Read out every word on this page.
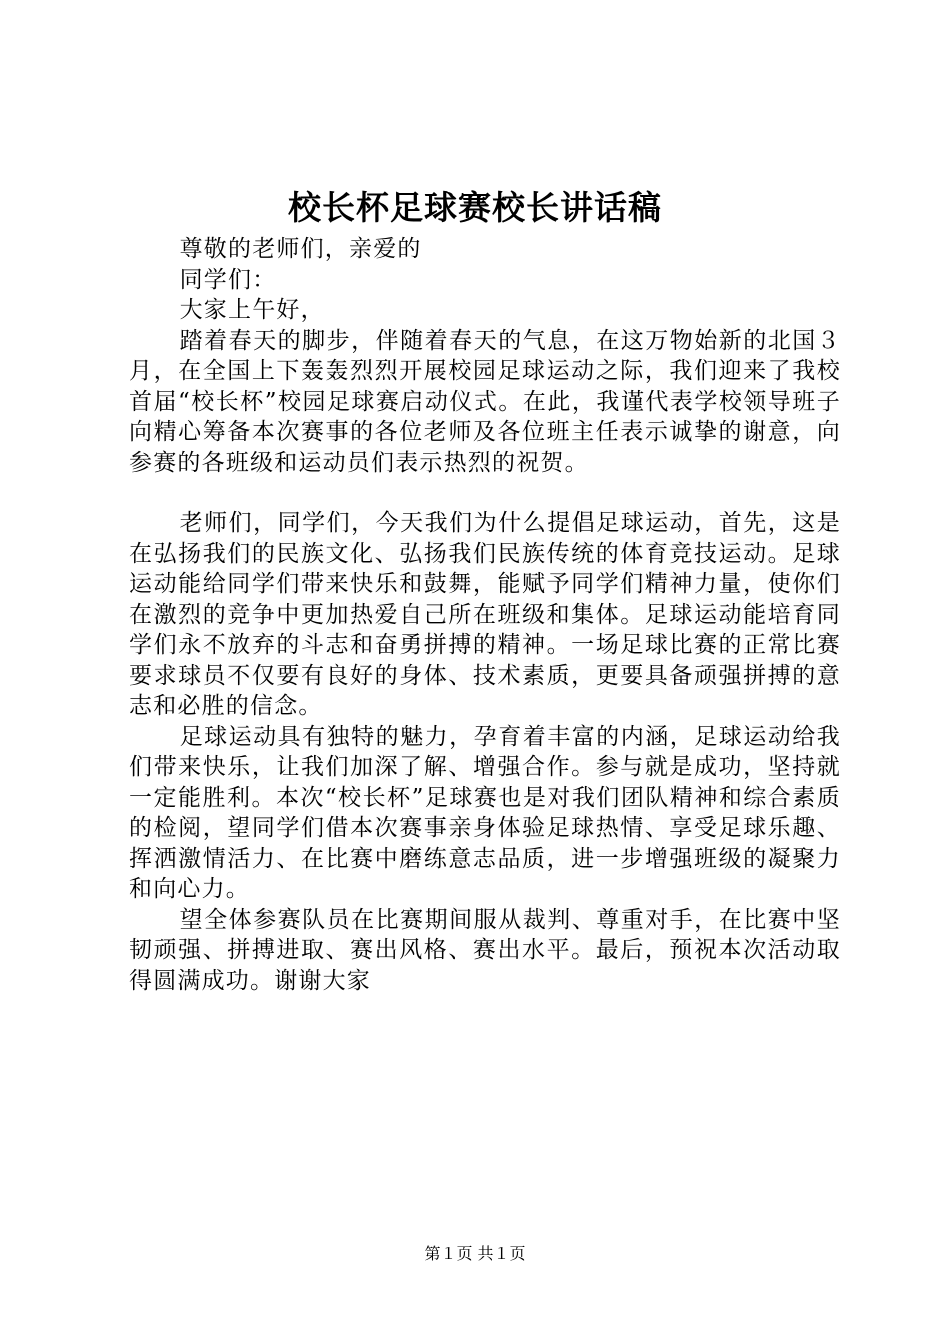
校长杯足球赛校长讲话稿

尊敬的老师们，亲爱的

同学们：

大家上午好，

踏着春天的脚步，伴随着春天的气息，在这万物始新的北国３月，在全国上下轰轰烈烈开展校园足球运动之际，我们迎来了我校首届“校长杯”校园足球赛启动仪式。在此，我谨代表学校领导班子向精心筹备本次赛事的各位老师及各位班主任表示诚挚的谢意，向参赛的各班级和运动员们表示热烈的祝贺。

老师们，同学们，今天我们为什么提倡足球运动，首先，这是在弘扬我们的民族文化、弘扬我们民族传统的体育竞技运动。足球运动能给同学们带来快乐和鼓舞，能赋予同学们精神力量，使你们在激烈的竞争中更加热爱自己所在班级和集体。足球运动能培育同学们永不放弃的斗志和奋勇拼搏的精神。一场足球比赛的正常比赛要求球员不仅要有良好的身体、技术素质，更要具备顽强拼搏的意志和必胜的信念。

足球运动具有独特的魅力，孕育着丰富的内涵，足球运动给我们带来快乐，让我们加深了解、增强合作。参与就是成功，坚持就一定能胜利。本次“校长杯”足球赛也是对我们团队精神和综合素质的检阅，望同学们借本次赛事亲身体验足球热情、享受足球乐趣、挥洒激情活力、在比赛中磨练意志品质，进一步增强班级的凝聚力和向心力。

望全体参赛队员在比赛期间服从裁判、尊重对手，在比赛中坚韧顽强、拼搏进取、赛出风格、赛出水平。最后，预祝本次活动取得圆满成功。谢谢大家

第１页 共１页
